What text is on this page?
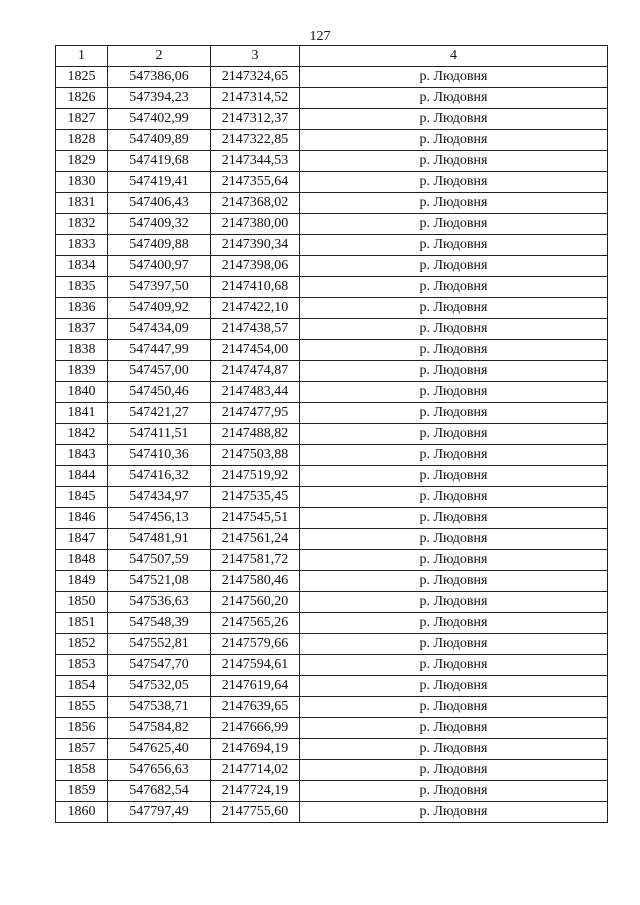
127
1	2	3	4
1825	547386,06	2147324,65	р. Людовня
1826	547394,23	2147314,52	р. Людовня
1827	547402,99	2147312,37	р. Людовня
1828	547409,89	2147322,85	р. Людовня
1829	547419,68	2147344,53	р. Людовня
1830	547419,41	2147355,64	р. Людовня
1831	547406,43	2147368,02	р. Людовня
1832	547409,32	2147380,00	р. Людовня
1833	547409,88	2147390,34	р. Людовня
1834	547400,97	2147398,06	р. Людовня
1835	547397,50	2147410,68	р. Людовня
1836	547409,92	2147422,10	р. Людовня
1837	547434,09	2147438,57	р. Людовня
1838	547447,99	2147454,00	р. Людовня
1839	547457,00	2147474,87	р. Людовня
1840	547450,46	2147483,44	р. Людовня
1841	547421,27	2147477,95	р. Людовня
1842	547411,51	2147488,82	р. Людовня
1843	547410,36	2147503,88	р. Людовня
1844	547416,32	2147519,92	р. Людовня
1845	547434,97	2147535,45	р. Людовня
1846	547456,13	2147545,51	р. Людовня
1847	547481,91	2147561,24	р. Людовня
1848	547507,59	2147581,72	р. Людовня
1849	547521,08	2147580,46	р. Людовня
1850	547536,63	2147560,20	р. Людовня
1851	547548,39	2147565,26	р. Людовня
1852	547552,81	2147579,66	р. Людовня
1853	547547,70	2147594,61	р. Людовня
1854	547532,05	2147619,64	р. Людовня
1855	547538,71	2147639,65	р. Людовня
1856	547584,82	2147666,99	р. Людовня
1857	547625,40	2147694,19	р. Людовня
1858	547656,63	2147714,02	р. Людовня
1859	547682,54	2147724,19	р. Людовня
1860	547797,49	2147755,60	р. Людовня
